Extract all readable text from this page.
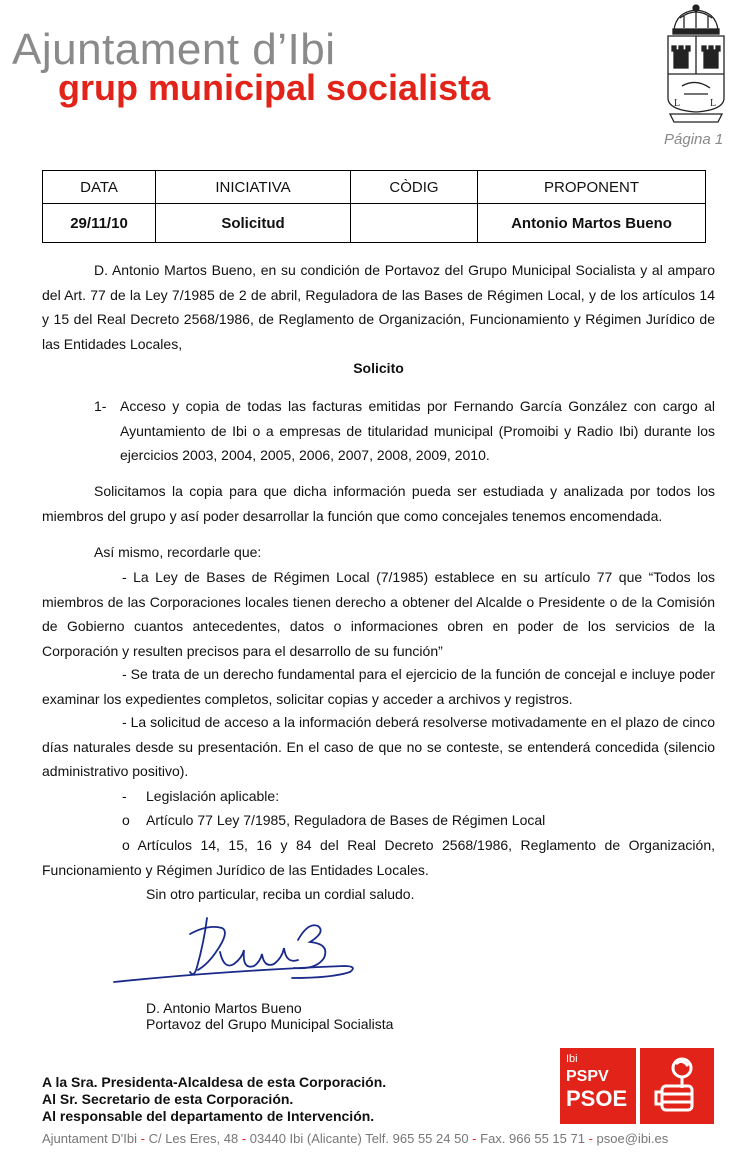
Ajuntament d’Ibi
grup municipal socialista	L	L
Página 1
DATA	INICIATIVA	CÒDIG	PROPONENT
29/11/10	Solicitud		Antonio Martos Bueno
D. Antonio Martos Bueno, en su condición de Portavoz del Grupo Municipal Socialista y al amparo del Art. 77 de la Ley 7/1985 de 2 de abril, Reguladora de las Bases de Régimen Local, y de los artículos 14 y 15 del Real Decreto 2568/1986, de Reglamento de Organización, Funcionamiento y Régimen Jurídico de las Entidades Locales,
Solicito
1- Acceso y copia de todas las facturas emitidas por Fernando García González con cargo al Ayuntamiento de Ibi o a empresas de titularidad municipal (Promoibi y Radio Ibi) durante los ejercicios 2003, 2004, 2005, 2006, 2007, 2008, 2009, 2010.
Solicitamos la copia para que dicha información pueda ser estudiada y analizada por todos los miembros del grupo y así poder desarrollar la función que como concejales tenemos encomendada.
Así mismo, recordarle que:
- La Ley de Bases de Régimen Local (7/1985) establece en su artículo 77 que “Todos los miembros de las Corporaciones locales tienen derecho a obtener del Alcalde o Presidente o de la Comisión de Gobierno cuantos antecedentes, datos o informaciones obren en poder de los servicios de la Corporación y resulten precisos para el desarrollo de su función”
- Se trata de un derecho fundamental para el ejercicio de la función de concejal e incluye poder examinar los expedientes completos, solicitar copias y acceder a archivos y registros.
- La solicitud de acceso a la información deberá resolverse motivadamente en el plazo de cinco días naturales desde su presentación. En el caso de que no se conteste, se entenderá concedida (silencio administrativo positivo).
- Legislación aplicable:
o Artículo 77 Ley 7/1985, Reguladora de Bases de Régimen Local
o Artículos 14, 15, 16 y 84 del Real Decreto 2568/1986, Reglamento de Organización, Funcionamiento y Régimen Jurídico de las Entidades Locales.
Sin otro particular, reciba un cordial saludo.
D. Antonio Martos Bueno
Portavoz del Grupo Municipal Socialista
A la Sra. Presidenta-Alcaldesa de esta Corporación.
Al Sr. Secretario de esta Corporación.
Al responsable del departamento de Intervención.
Ibi
PSPV
PSOE
Ajuntament D'Ibi - C/ Les Eres, 48 - 03440 Ibi (Alicante) Telf. 965 55 24 50 - Fax. 966 55 15 71 - psoe@ibi.es
